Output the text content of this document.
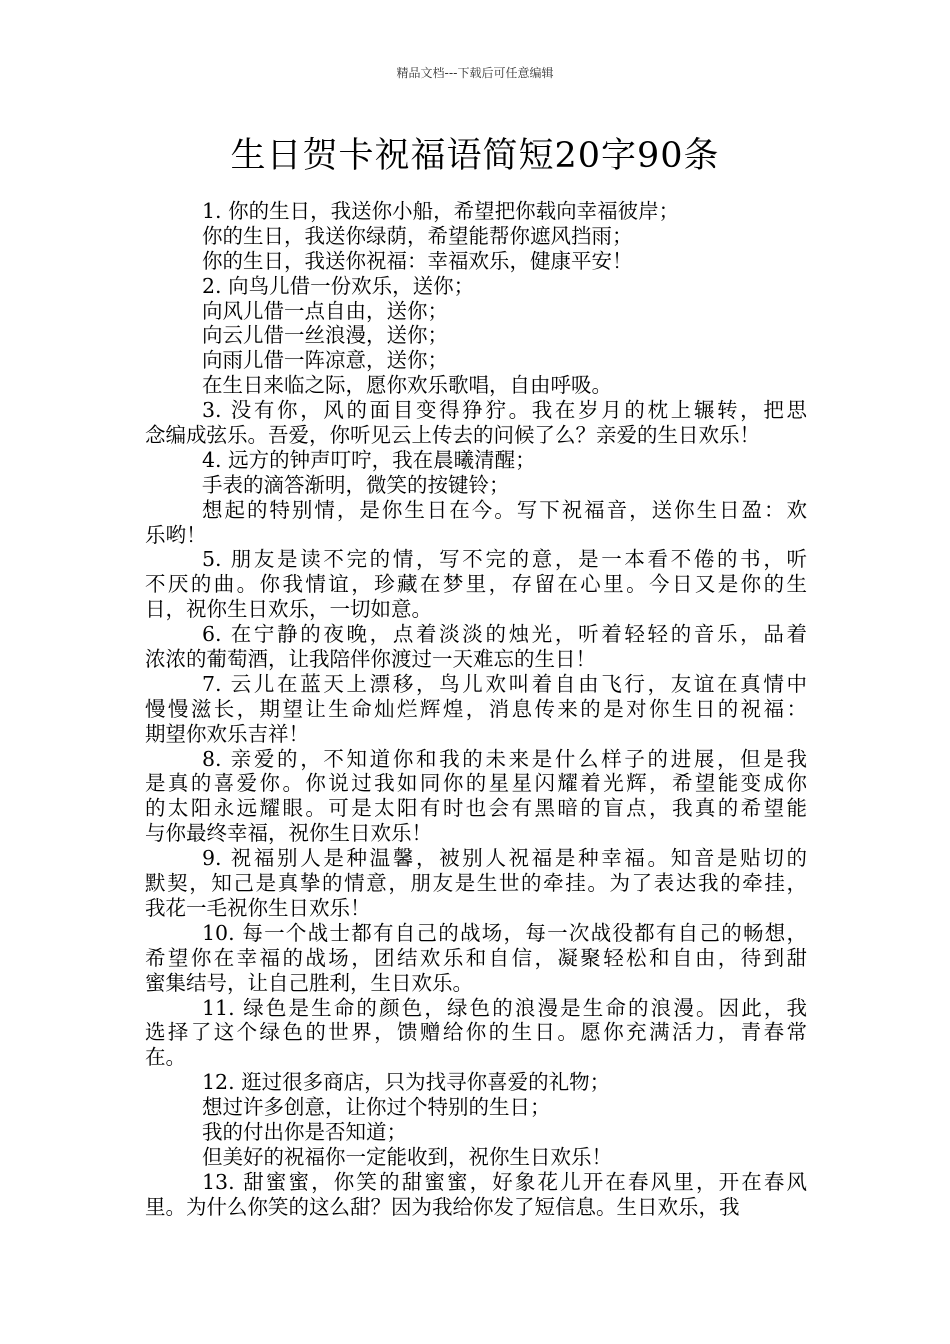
精品文档---下载后可任意编辑
生日贺卡祝福语简短20字90条
1. 你的生日，我送你小船，希望把你载向幸福彼岸；
你的生日，我送你绿荫，希望能帮你遮风挡雨；
你的生日，我送你祝福：幸福欢乐，健康平安！
2. 向鸟儿借一份欢乐，送你；
向风儿借一点自由，送你；
向云儿借一丝浪漫，送你；
向雨儿借一阵凉意，送你；
在生日来临之际，愿你欢乐歌唱，自由呼吸。
3. 没有你，风的面目变得狰狞。我在岁月的枕上辗转，把思
念编成弦乐。吾爱，你听见云上传去的问候了么？亲爱的生日欢乐！
4. 远方的钟声叮咛，我在晨曦清醒；
手表的滴答渐明，微笑的按键铃；
想起的特别情，是你生日在今。写下祝福音，送你生日盈：欢
乐哟！
5. 朋友是读不完的情，写不完的意，是一本看不倦的书，听
不厌的曲。你我情谊，珍藏在梦里，存留在心里。今日又是你的生
日，祝你生日欢乐，一切如意。
6. 在宁静的夜晚，点着淡淡的烛光，听着轻轻的音乐，品着
浓浓的葡萄酒，让我陪伴你渡过一天难忘的生日！
7. 云儿在蓝天上漂移，鸟儿欢叫着自由飞行，友谊在真情中
慢慢滋长，期望让生命灿烂辉煌，消息传来的是对你生日的祝福：
期望你欢乐吉祥！
8. 亲爱的，不知道你和我的未来是什么样子的进展，但是我
是真的喜爱你。你说过我如同你的星星闪耀着光辉，希望能变成你
的太阳永远耀眼。可是太阳有时也会有黑暗的盲点，我真的希望能
与你最终幸福，祝你生日欢乐！
9. 祝福别人是种温馨，被别人祝福是种幸福。知音是贴切的
默契，知己是真挚的情意，朋友是生世的牵挂。为了表达我的牵挂，
我花一毛祝你生日欢乐！
10. 每一个战士都有自己的战场，每一次战役都有自己的畅想，
希望你在幸福的战场，团结欢乐和自信，凝聚轻松和自由，待到甜
蜜集结号，让自己胜利，生日欢乐。
11. 绿色是生命的颜色，绿色的浪漫是生命的浪漫。因此，我
选择了这个绿色的世界，馈赠给你的生日。愿你充满活力，青春常
在。
12. 逛过很多商店，只为找寻你喜爱的礼物；
想过许多创意，让你过个特别的生日；
我的付出你是否知道；
但美好的祝福你一定能收到，祝你生日欢乐！
13. 甜蜜蜜，你笑的甜蜜蜜，好象花儿开在春风里，开在春风
里。为什么你笑的这么甜？因为我给你发了短信息。生日欢乐，我
